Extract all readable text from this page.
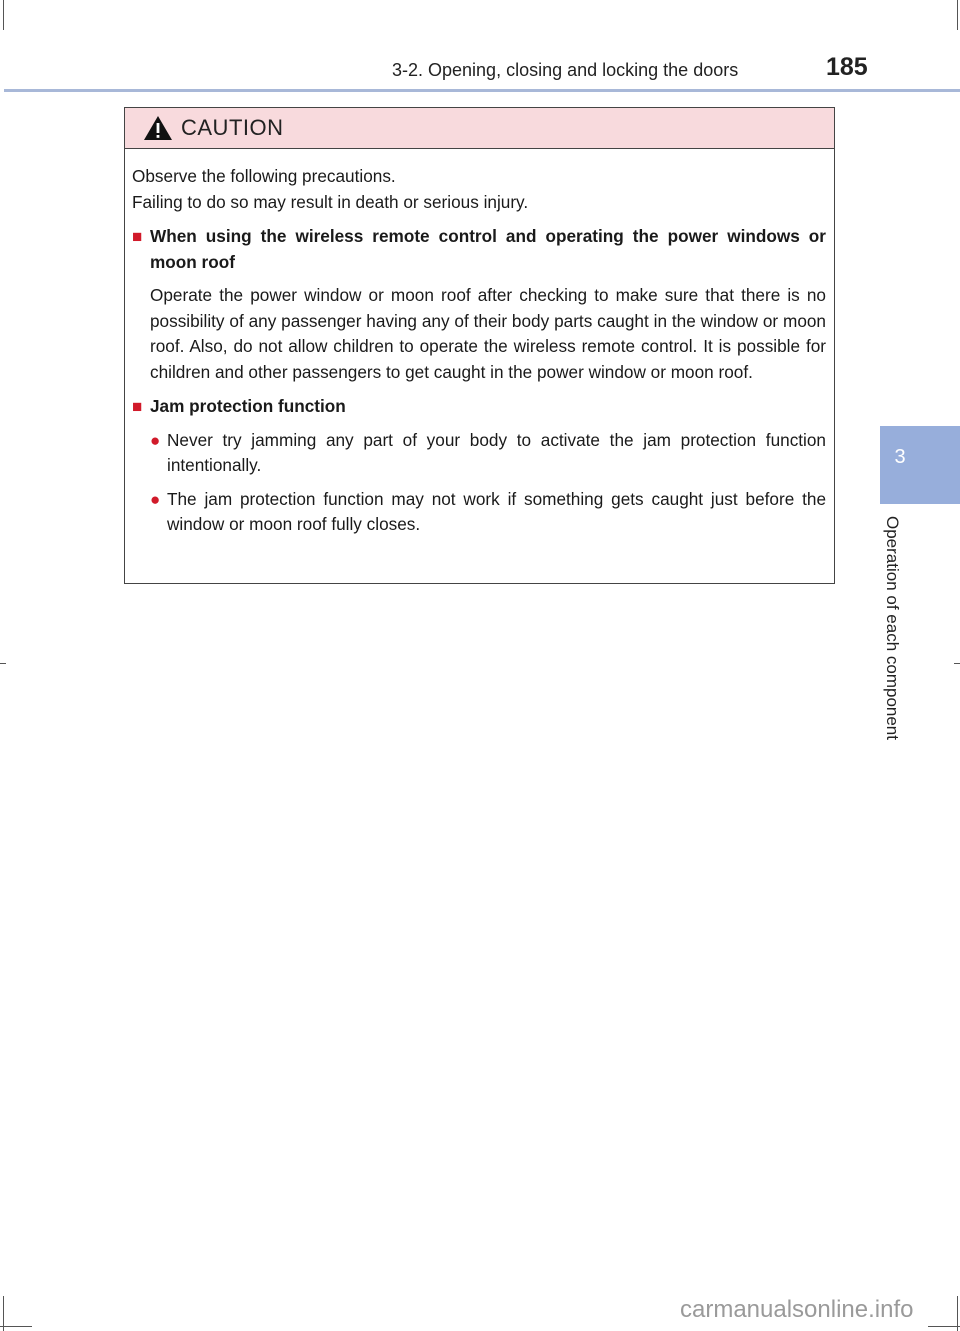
3-2. Opening, closing and locking the doors	185
3
Operation of each component
CAUTION

Observe the following precautions.

Failing to do so may result in death or serious injury.

■ When using the wireless remote control and operating the power windows or moon roof
Operate the power window or moon roof after checking to make sure that there is no possibility of any passenger having any of their body parts caught in the window or moon roof. Also, do not allow children to operate the wireless remote control. It is possible for children and other passengers to get caught in the power window or moon roof.
■ Jam protection function
● Never try jamming any part of your body to activate the jam protection function intentionally.
● The jam protection function may not work if something gets caught just before the window or moon roof fully closes.
carmanualsonline.info
